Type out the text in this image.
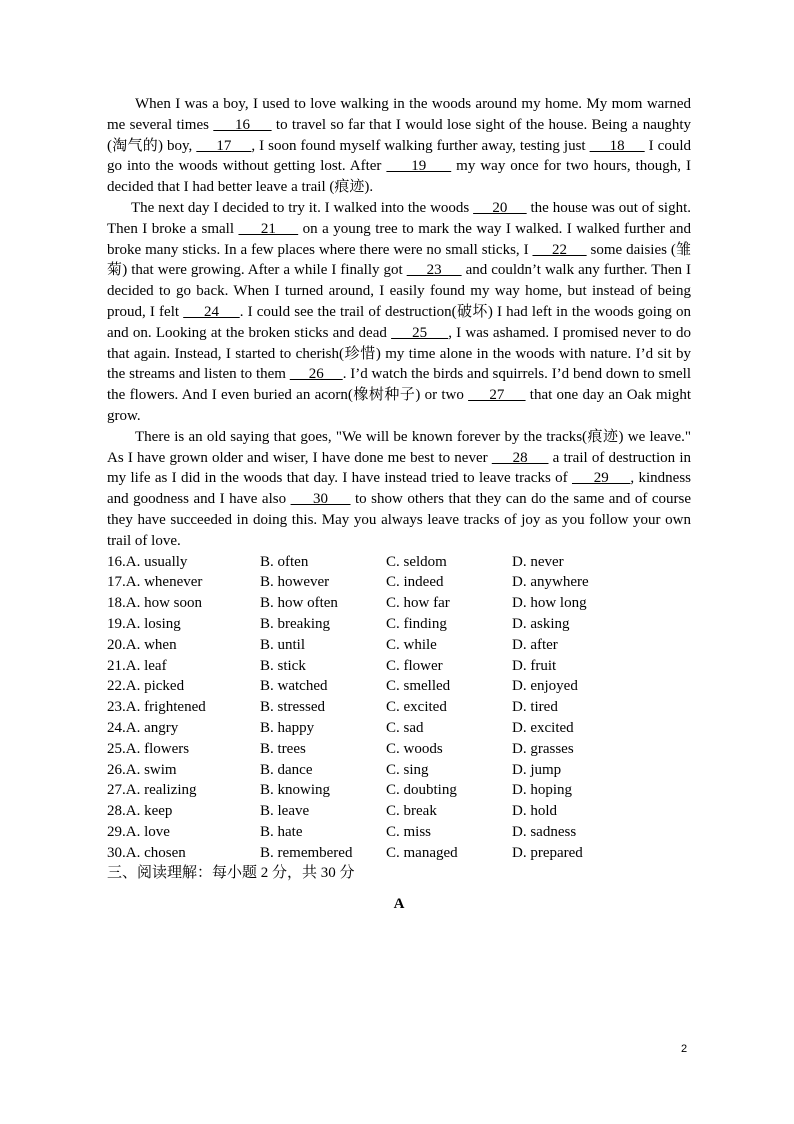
When I was a boy, I used to love walking in the woods around my home. My mom warned me several times      16      to travel so far that I would lose sight of the house. Being a naughty (淘气的) boy,      17     , I soon found myself walking further away, testing just      18      I could go into the woods without getting lost. After      19      my way once for two hours, though, I decided that I had better leave a trail (痕迹).

The next day I decided to try it. I walked into the woods      20      the house was out of sight. Then I broke a small      21      on a young tree to mark the way I walked. I walked further and broke many sticks. In a few places where there were no small sticks, I      22      some daisies (雏菊) that were growing. After a while I finally got      23      and couldn’t walk any further. Then I decided to go back. When I turned around, I easily found my way home, but instead of being proud, I felt      24     . I could see the trail of destruction(破坏) I had left in the woods going on and on. Looking at the broken sticks and dead      25     , I was ashamed. I promised never to do that again. Instead, I started to cherish(珍惜) my time alone in the woods with nature. I’d sit by the streams and listen to them      26     . I’d watch the birds and squirrels. I’d bend down to smell the flowers. And I even buried an acorn(橡树种子) or two      27      that one day an Oak might grow.

There is an old saying that goes, "We will be known forever by the tracks(痕迹) we leave." As I have grown older and wiser, I have done me best to never      28      a trail of destruction in my life as I did in the woods that day. I have instead tried to leave tracks of      29     , kindness and goodness and I have also      30      to show others that they can do the same and of course they have succeeded in doing this. May you always leave tracks of joy as you follow your own trail of love.

16.A. usually	B. often	C. seldom	D. never
17.A. whenever	B. however	C. indeed	D. anywhere
18.A. how soon	B. how often	C. how far	D. how long
19.A. losing	B. breaking	C. finding	D. asking
20.A. when	B. until	C. while	D. after
21.A. leaf	B. stick	C. flower	D. fruit
22.A. picked	B. watched	C. smelled	D. enjoyed
23.A. frightened	B. stressed	C. excited	D. tired
24.A. angry	B. happy	C. sad	D. excited
25.A. flowers	B. trees	C. woods	D. grasses
26.A. swim	B. dance	C. sing	D. jump
27.A. realizing	B. knowing	C. doubting	D. hoping
28.A. keep	B. leave	C. break	D. hold
29.A. love	B. hate	C. miss	D. sadness
30.A. chosen	B. remembered	C. managed	D. prepared
三、阅读理解：每小题 2 分，共 30 分
A
2
